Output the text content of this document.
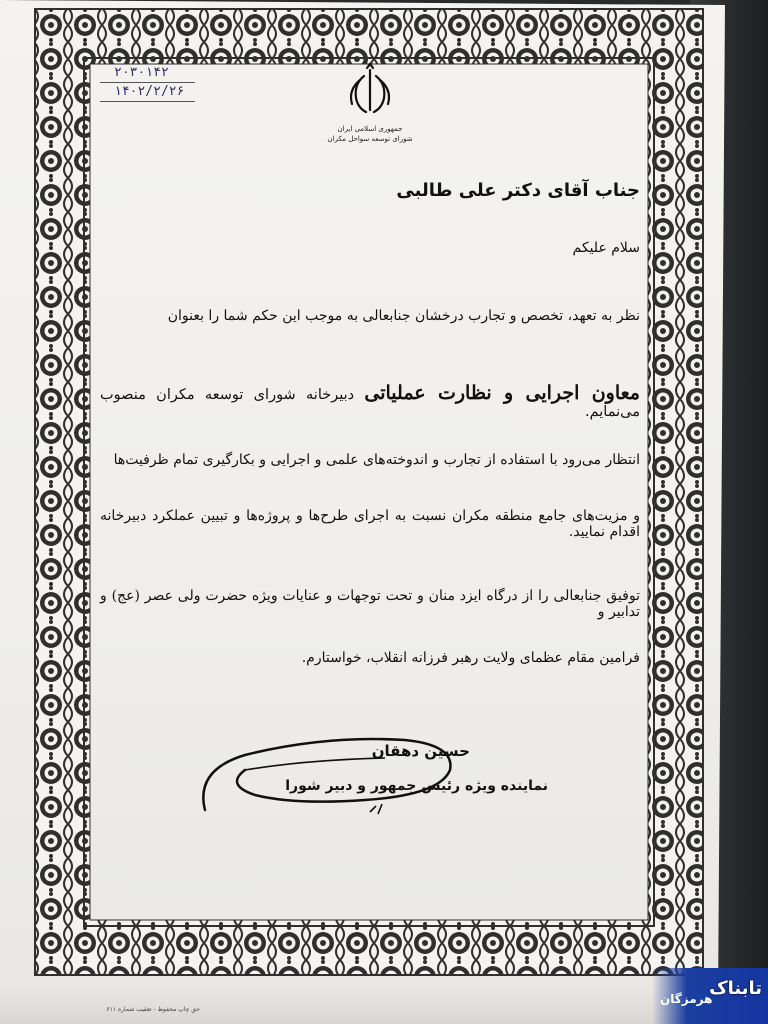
۲۰۳۰۱۴۲
۱۴۰۲/۲/۲۶
جمهوری اسلامی ایران
شورای توسعه سواحل مکران
جناب آقای دکتر علی طالبی
سلام علیکم
نظر به تعهد، تخصص و تجارب درخشان جنابعالی به موجب این حکم شما را بعنوان
معاون اجرایی و نظارت عملیاتی دبیرخانه شورای توسعه مکران منصوب می‌نمایم.
انتظار می‌رود با استفاده از تجارب و اندوخته‌های علمی و اجرایی و بکارگیری تمام ظرفیت‌ها
و مزیت‌های جامع منطقه مکران نسبت به اجرای طرح‌ها و پروژه‌ها و تبیین عملکرد دبیرخانه اقدام نمایید.
توفیق جنابعالی را از درگاه ایزد منان و تحت توجهات و عنایات ویژه حضرت ولی عصر (عج) و تدابیر و
فرامین مقام عظمای ولایت رهبر فرزانه انقلاب، خواستارم.
حسین دهقان
نماینده ویژه رئیس جمهور و دبیر شورا
حق چاپ محفوظ - تعقیب شماره ۶۱۱
تابناک
هرمزگان
